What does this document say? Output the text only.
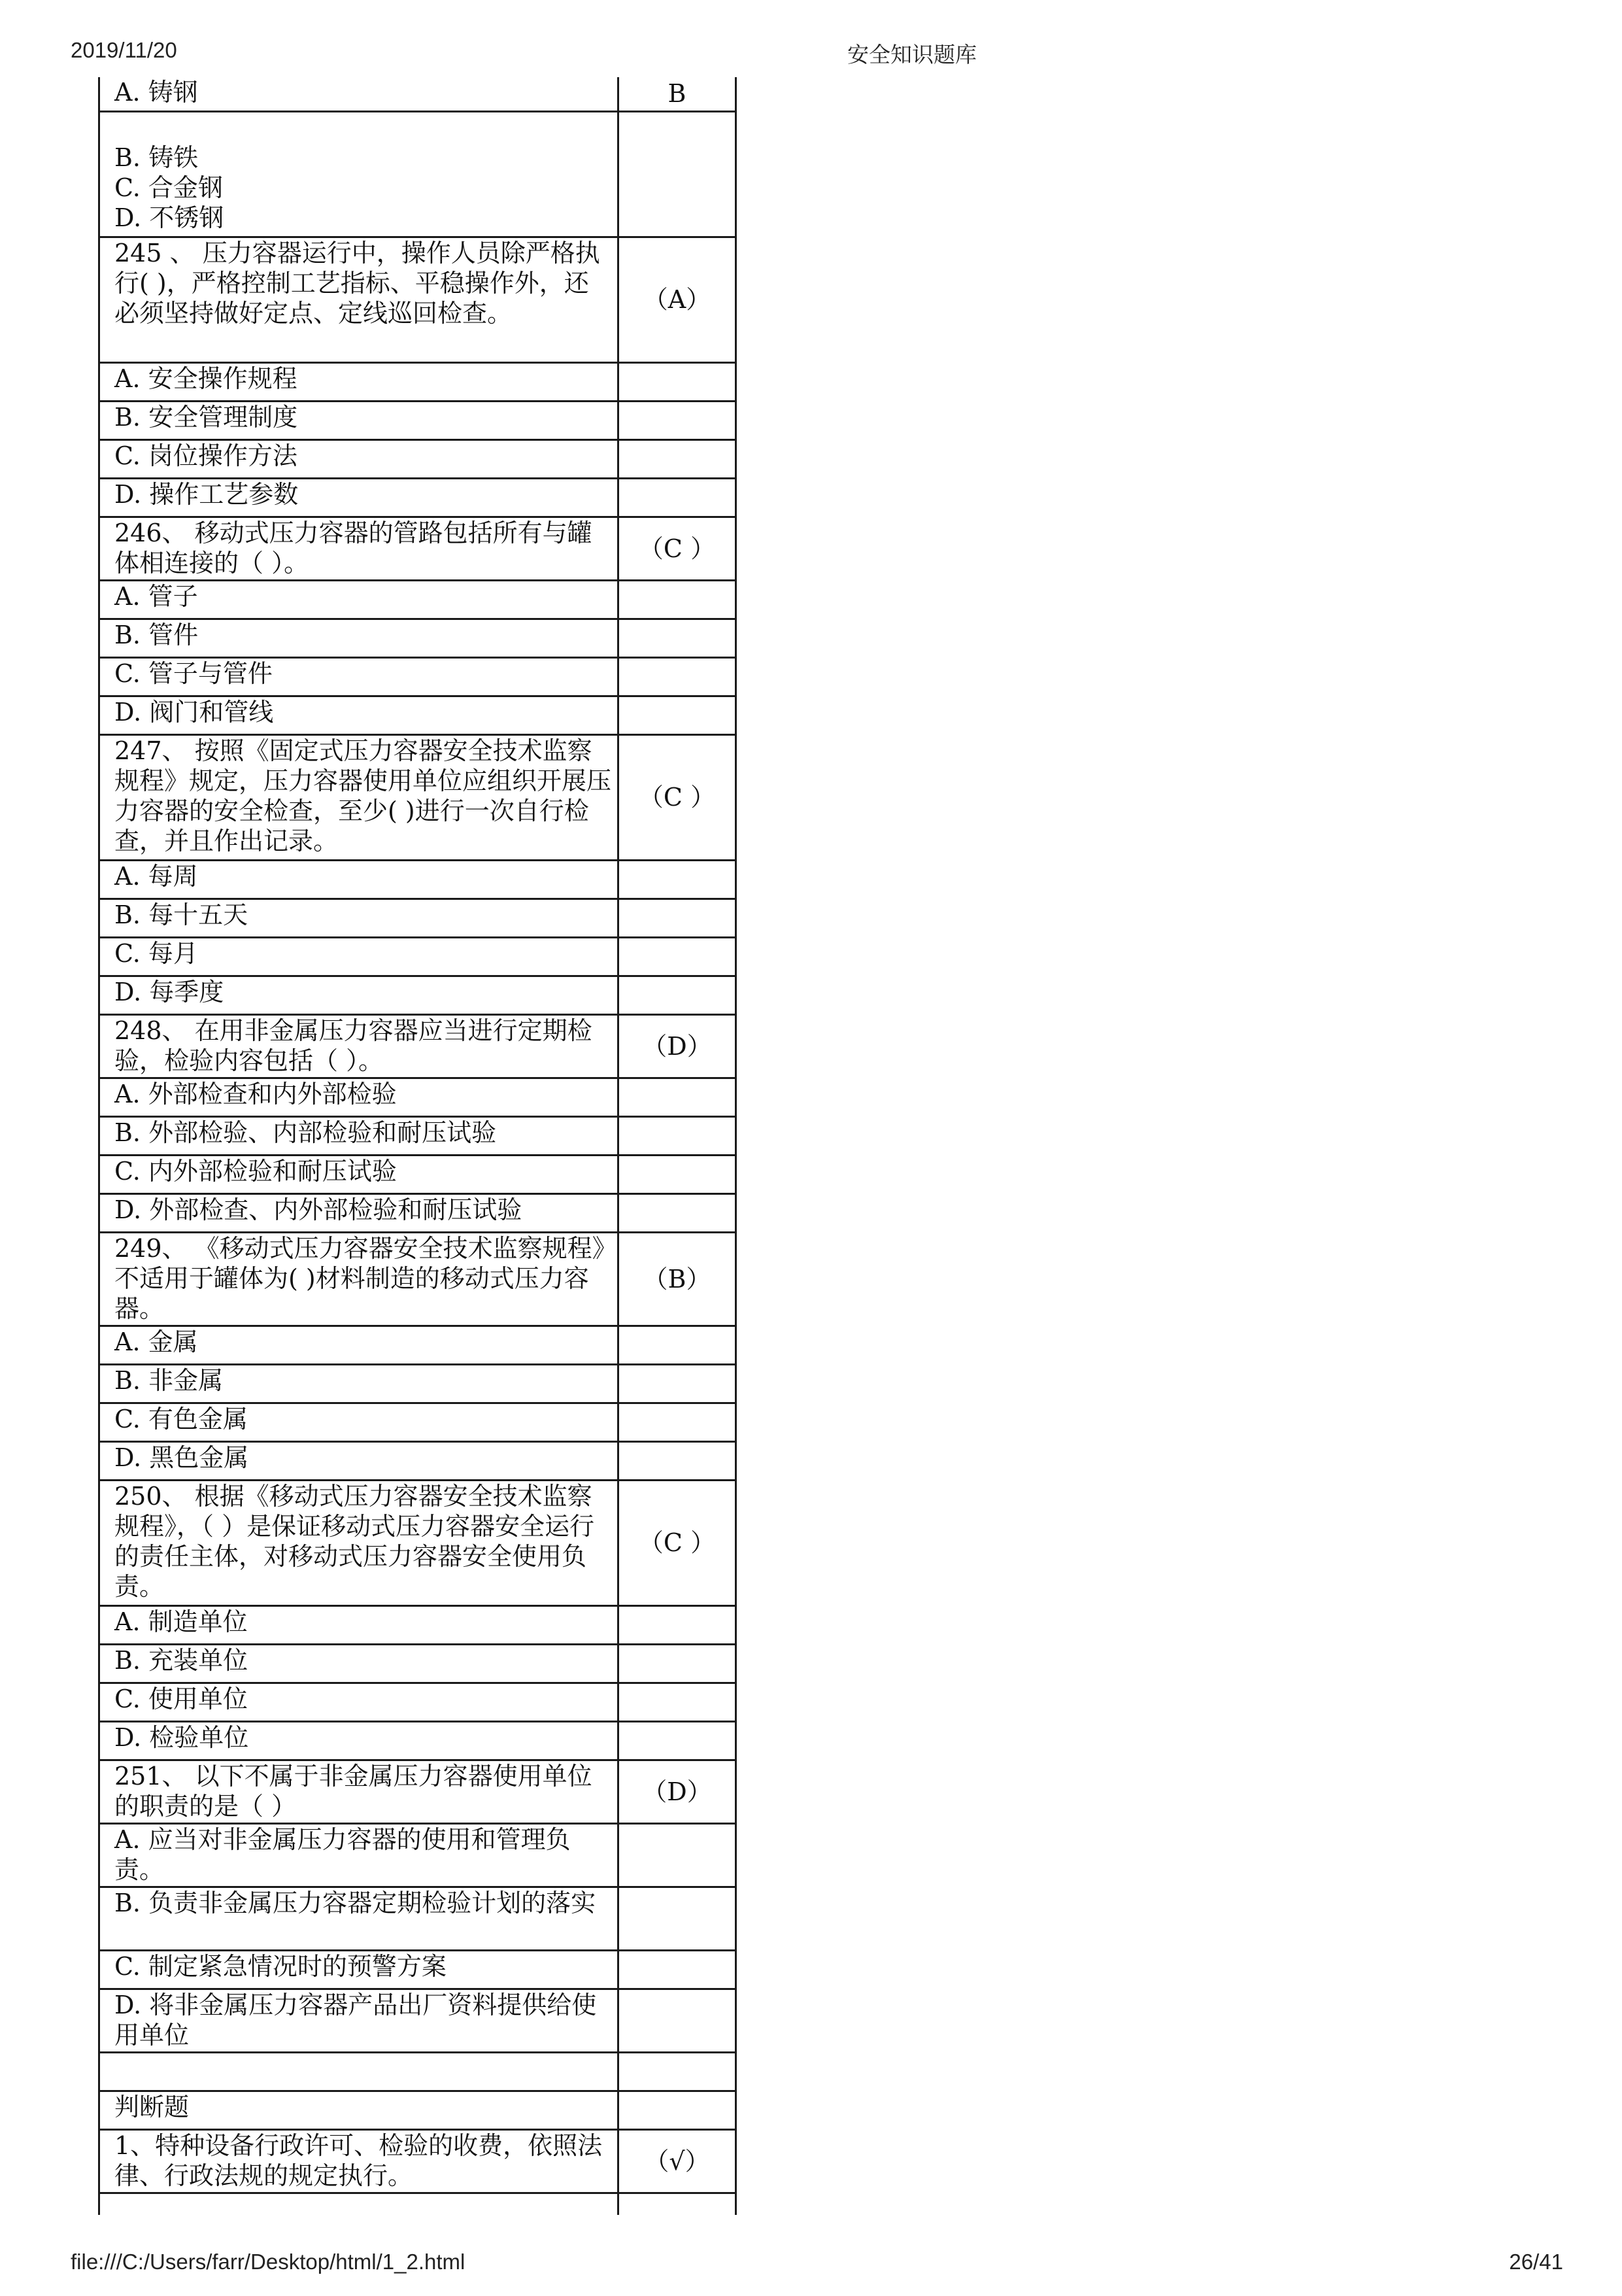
2019/11/20	安全知识题库
A. 铸钢	B

B. 铸铁
C. 合金钢
D. 不锈钢	
245 、 压力容器运行中，操作人员除严格执行( )，严格控制工艺指标、平稳操作外，还必须坚持做好定点、定线巡回检查。	（A）
A. 安全操作规程	
B. 安全管理制度	
C. 岗位操作方法	
D. 操作工艺参数	
246、 移动式压力容器的管路包括所有与罐体相连接的（ ）。	（C ）
A. 管子	
B. 管件	
C. 管子与管件	
D. 阀门和管线	
247、 按照《固定式压力容器安全技术监察规程》规定，压力容器使用单位应组织开展压力容器的安全检查，至少( )进行一次自行检查，并且作出记录。	（C ）
A. 每周	
B. 每十五天	
C. 每月	
D. 每季度	
248、 在用非金属压力容器应当进行定期检验，检验内容包括（ ）。	（D）
A. 外部检查和内外部检验	
B. 外部检验、内部检验和耐压试验	
C. 内外部检验和耐压试验	
D. 外部检查、内外部检验和耐压试验	
249、 《移动式压力容器安全技术监察规程》不适用于罐体为( )材料制造的移动式压力容器。	（B）
A. 金属	
B. 非金属	
C. 有色金属	
D. 黑色金属	
250、 根据《移动式压力容器安全技术监察规程》，（ ）是保证移动式压力容器安全运行的责任主体，对移动式压力容器安全使用负责。	（C ）
A. 制造单位	
B. 充装单位	
C. 使用单位	
D. 检验单位	
251、 以下不属于非金属压力容器使用单位的职责的是（ ）	（D）
A. 应当对非金属压力容器的使用和管理负责。	
B. 负责非金属压力容器定期检验计划的落实	
C. 制定紧急情况时的预警方案	
D. 将非金属压力容器产品出厂资料提供给使用单位	

判断题	
1、特种设备行政许可、检验的收费，依照法律、行政法规的规定执行。	（√）

file:///C:/Users/farr/Desktop/html/1_2.html	26/41
